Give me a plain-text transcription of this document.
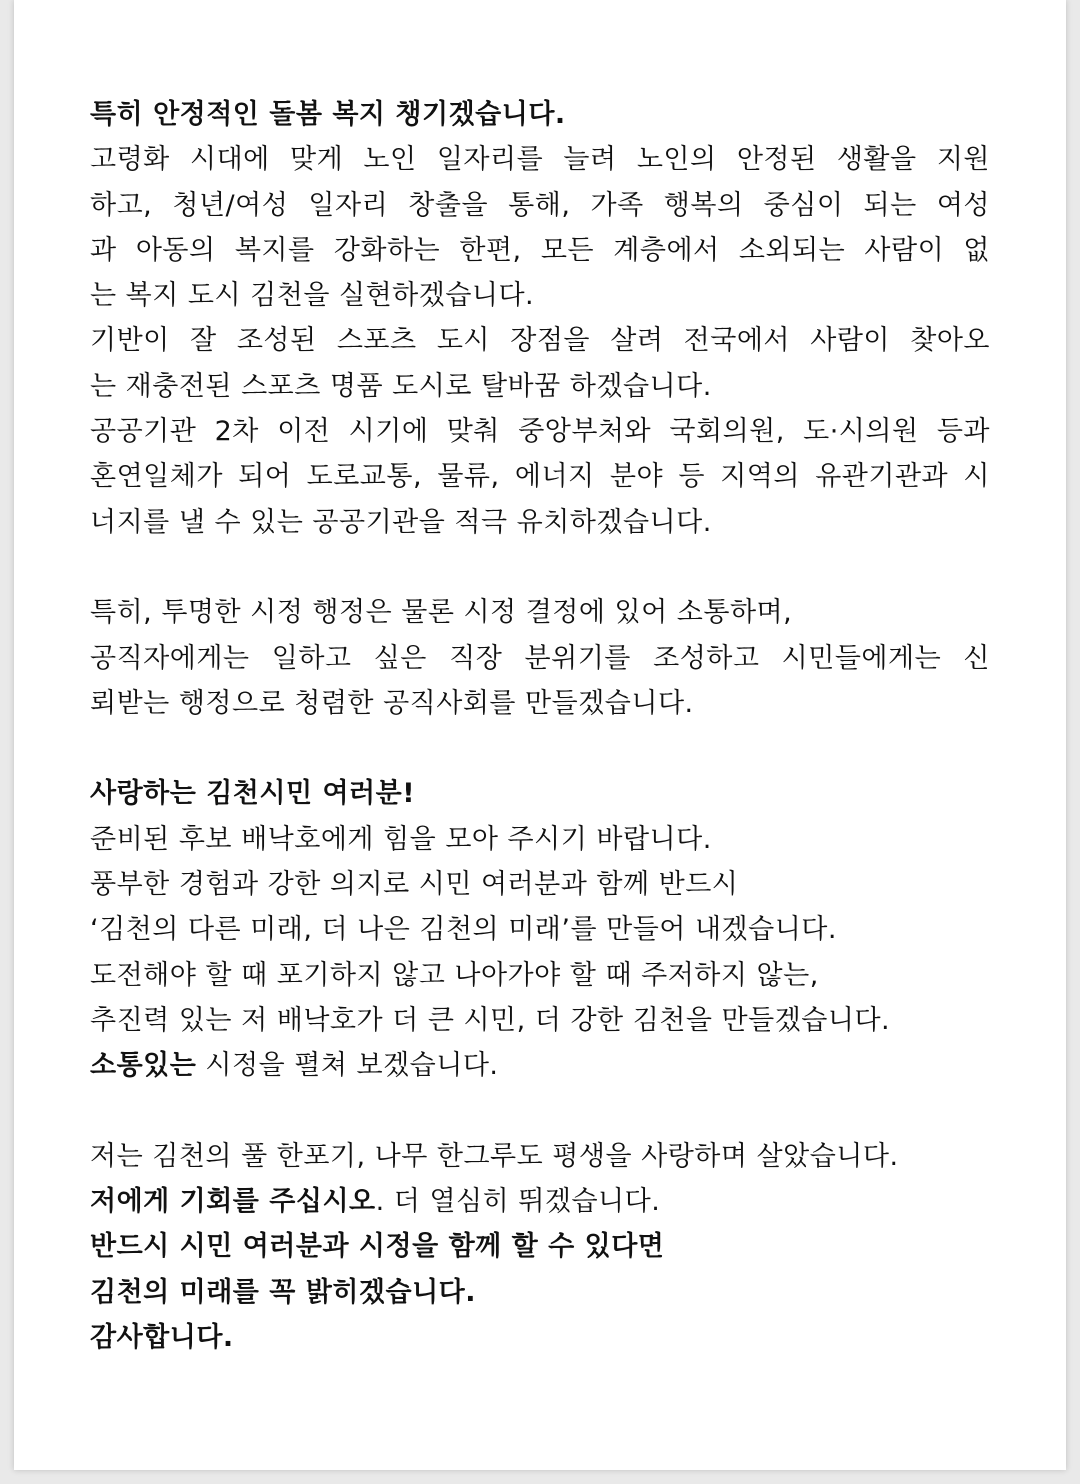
특히 안정적인 돌봄 복지 챙기겠습니다.
고령화 시대에 맞게 노인 일자리를 늘려 노인의 안정된 생활을 지원
하고, 청년/여성 일자리 창출을 통해, 가족 행복의 중심이 되는 여성
과 아동의 복지를 강화하는 한편, 모든 계층에서 소외되는 사람이 없
는 복지 도시 김천을 실현하겠습니다.
기반이 잘 조성된 스포츠 도시 장점을 살려 전국에서 사람이 찾아오
는 재충전된 스포츠 명품 도시로 탈바꿈 하겠습니다.
공공기관 2차 이전 시기에 맞춰 중앙부처와 국회의원, 도·시의원 등과
혼연일체가 되어 도로교통, 물류, 에너지 분야 등 지역의 유관기관과 시
너지를 낼 수 있는 공공기관을 적극 유치하겠습니다.
특히, 투명한 시정 행정은 물론 시정 결정에 있어 소통하며,
공직자에게는 일하고 싶은 직장 분위기를 조성하고 시민들에게는 신
뢰받는 행정으로 청렴한 공직사회를 만들겠습니다.
사랑하는 김천시민 여러분!
준비된 후보 배낙호에게 힘을 모아 주시기 바랍니다.
풍부한 경험과 강한 의지로 시민 여러분과 함께 반드시
‘김천의 다른 미래, 더 나은 김천의 미래’를 만들어 내겠습니다.
도전해야 할 때 포기하지 않고 나아가야 할 때 주저하지 않는,
추진력 있는 저 배낙호가 더 큰 시민, 더 강한 김천을 만들겠습니다.
소통있는 시정을 펼쳐 보겠습니다.
저는 김천의 풀 한포기, 나무 한그루도 평생을 사랑하며 살았습니다.
저에게 기회를 주십시오. 더 열심히 뛰겠습니다.
반드시 시민 여러분과 시정을 함께 할 수 있다면
김천의 미래를 꼭 밝히겠습니다.
감사합니다.
